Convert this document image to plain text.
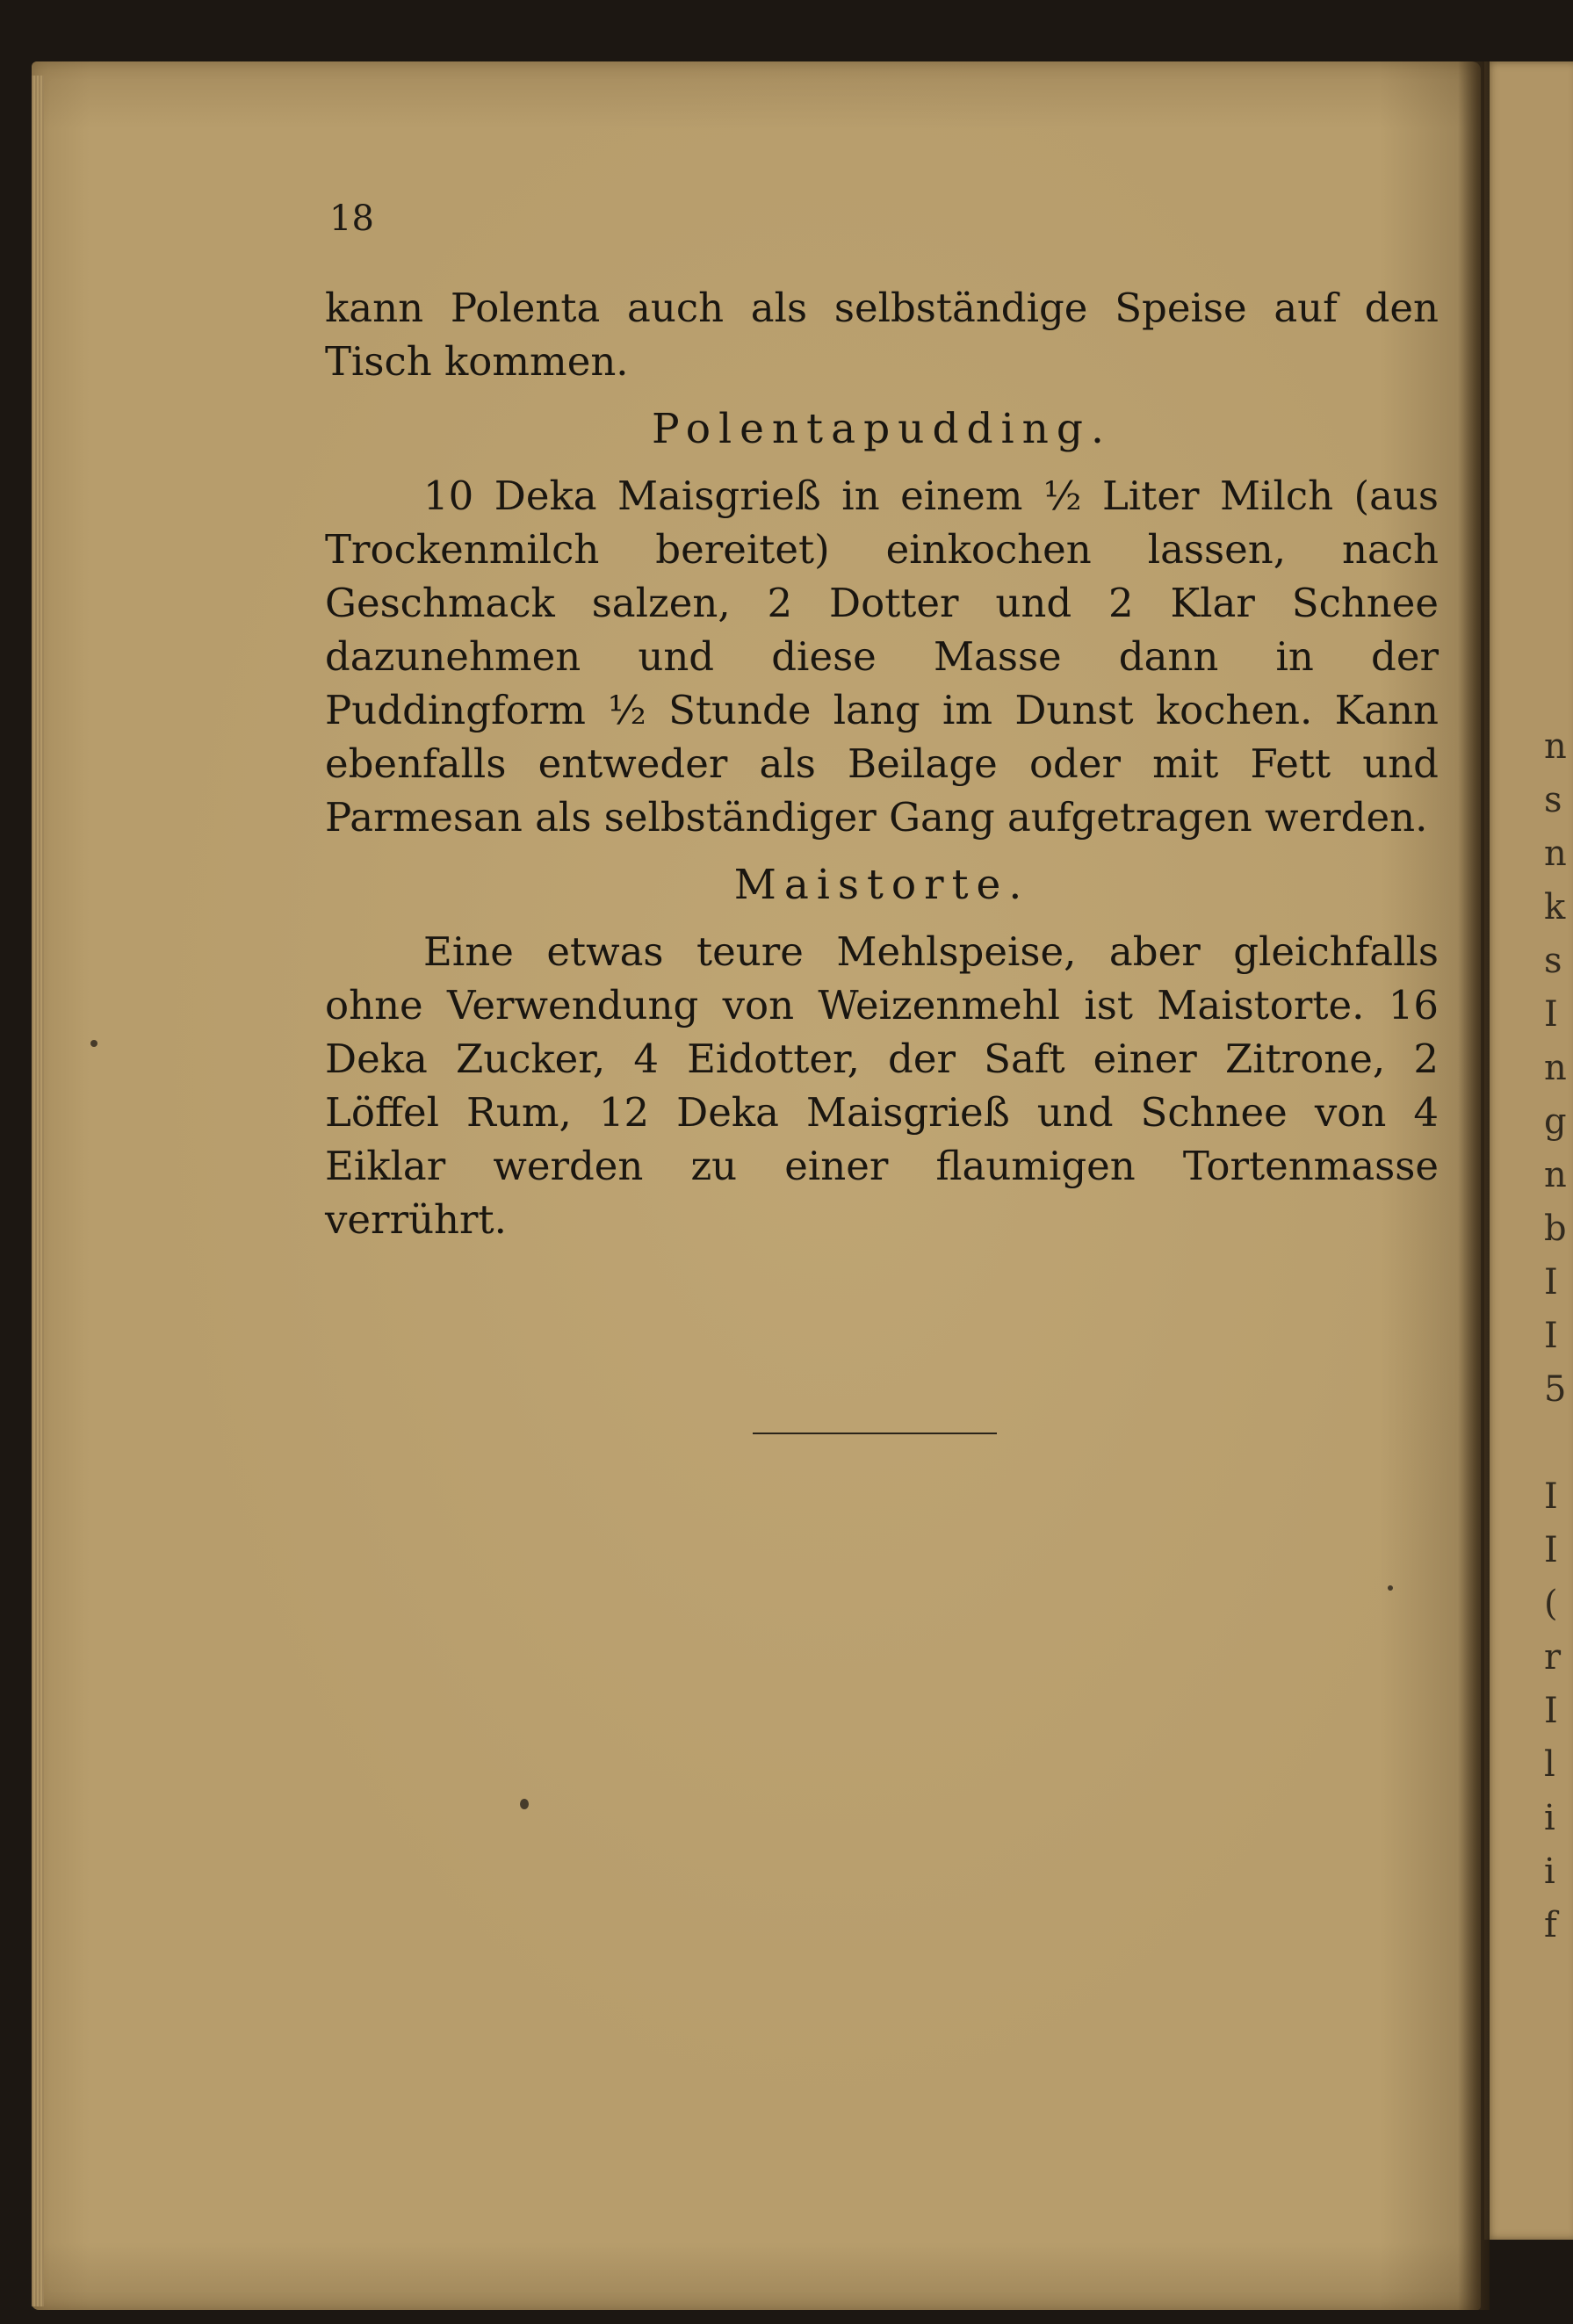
n
s
n
k
s
I
n
g
n
b
I
I
5
I
I
(
r
I
l
i
i
f
18

kann Polenta auch als selbständige Speise auf den Tisch kommen.

Polentapudding.

10 Deka Maisgrieß in einem ½ Liter Milch (aus Trockenmilch bereitet) einkochen lassen, nach Geschmack salzen, 2 Dotter und 2 Klar Schnee dazunehmen und diese Masse dann in der Puddingform ½ Stunde lang im Dunst kochen. Kann ebenfalls entweder als Beilage oder mit Fett und Parmesan als selbständiger Gang aufgetragen werden.

Maistorte.

Eine etwas teure Mehlspeise, aber gleichfalls ohne Verwendung von Weizenmehl ist Maistorte. 16 Deka Zucker, 4 Eidotter, der Saft einer Zitrone, 2 Löffel Rum, 12 Deka Maisgrieß und Schnee von 4 Eiklar werden zu einer flaumigen Tortenmasse verrührt.
